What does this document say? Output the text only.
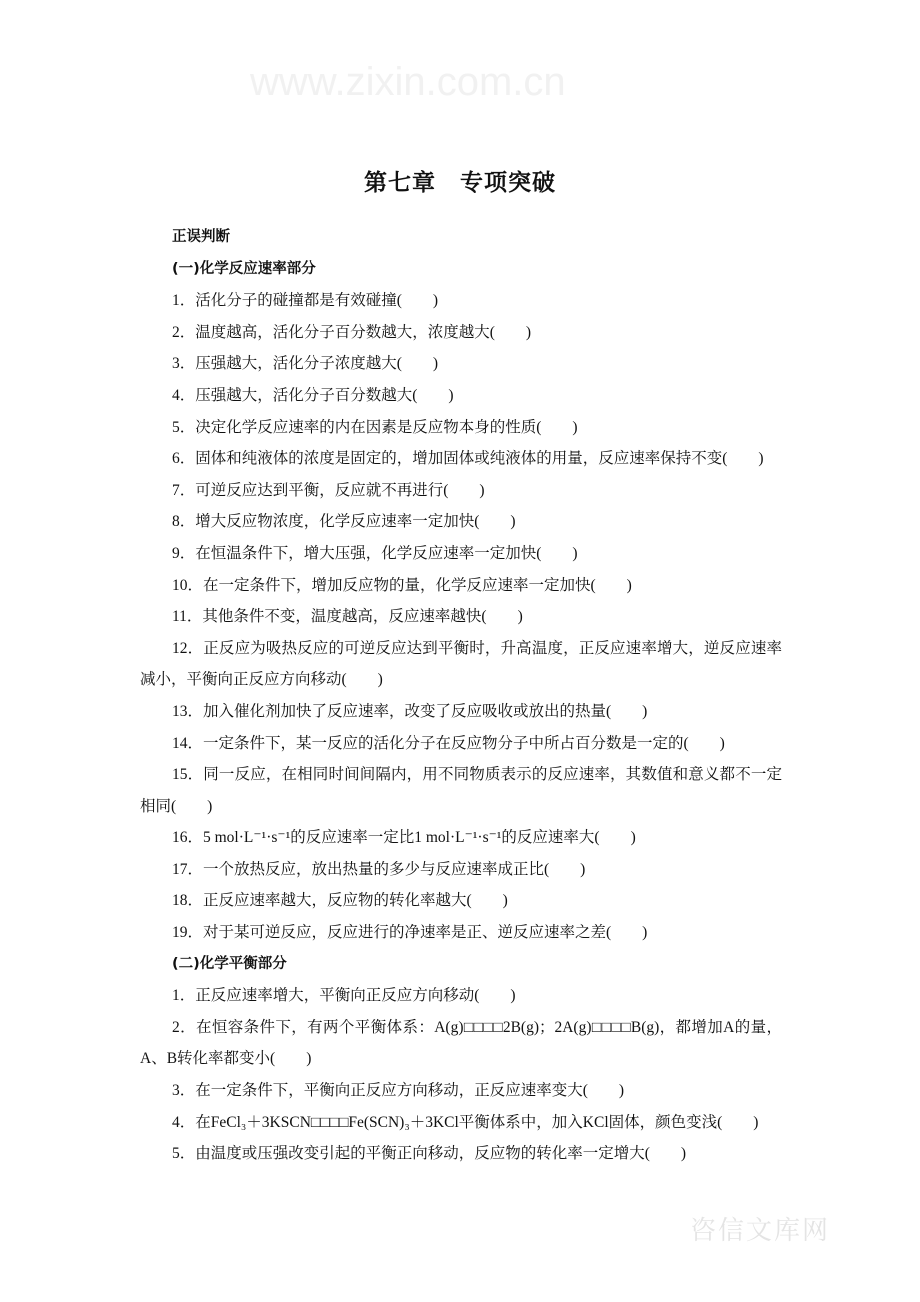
www.zixin.com.cn
咨信文库网
第七章　专项突破

正误判断

(一)化学反应速率部分

1．活化分子的碰撞都是有效碰撞(　　)

2．温度越高，活化分子百分数越大，浓度越大(　　)

3．压强越大，活化分子浓度越大(　　)

4．压强越大，活化分子百分数越大(　　)

5．决定化学反应速率的内在因素是反应物本身的性质(　　)

6．固体和纯液体的浓度是固定的，增加固体或纯液体的用量，反应速率保持不变(　　)

7．可逆反应达到平衡，反应就不再进行(　　)

8．增大反应物浓度，化学反应速率一定加快(　　)

9．在恒温条件下，增大压强，化学反应速率一定加快(　　)

10．在一定条件下，增加反应物的量，化学反应速率一定加快(　　)

11．其他条件不变，温度越高，反应速率越快(　　)

12．正反应为吸热反应的可逆反应达到平衡时，升高温度，正反应速率增大，逆反应速率减小，平衡向正反应方向移动(　　)

13．加入催化剂加快了反应速率，改变了反应吸收或放出的热量(　　)

14．一定条件下，某一反应的活化分子在反应物分子中所占百分数是一定的(　　)

15．同一反应，在相同时间间隔内，用不同物质表示的反应速率，其数值和意义都不一定相同(　　)

16．5 mol·L⁻¹·s⁻¹的反应速率一定比1 mol·L⁻¹·s⁻¹的反应速率大(　　)

17．一个放热反应，放出热量的多少与反应速率成正比(　　)

18．正反应速率越大，反应物的转化率越大(　　)

19．对于某可逆反应，反应进行的净速率是正、逆反应速率之差(　　)

(二)化学平衡部分

1．正反应速率增大，平衡向正反应方向移动(　　)

2．在恒容条件下，有两个平衡体系：A(g)□□□□2B(g)；2A(g)□□□□B(g)，都增加A的量，A、B转化率都变小(　　)

3．在一定条件下，平衡向正反应方向移动，正反应速率变大(　　)

4．在FeCl₃＋3KSCN□□□□Fe(SCN)₃＋3KCl平衡体系中，加入KCl固体，颜色变浅(　　)

5．由温度或压强改变引起的平衡正向移动，反应物的转化率一定增大(　　)
